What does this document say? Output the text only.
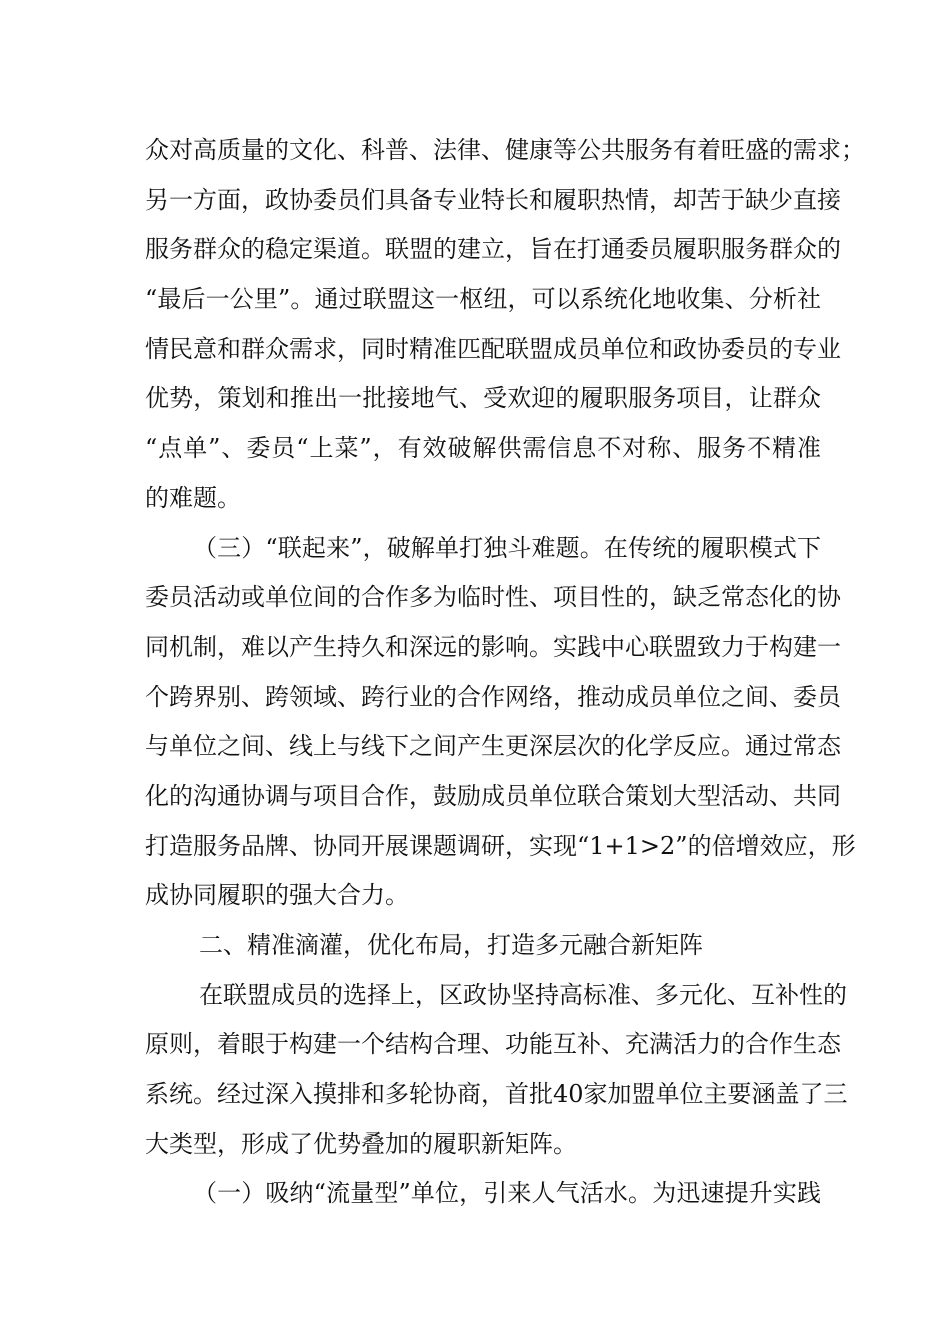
众对高质量的文化、科普、法律、健康等公共服务有着旺盛的需求；
另一方面，政协委员们具备专业特长和履职热情，却苦于缺少直接
服务群众的稳定渠道。联盟的建立，旨在打通委员履职服务群众的
“最后一公里”。通过联盟这一枢纽，可以系统化地收集、分析社
情民意和群众需求，同时精准匹配联盟成员单位和政协委员的专业
优势，策划和推出一批接地气、受欢迎的履职服务项目，让群众
“点单”、委员“上菜”，有效破解供需信息不对称、服务不精准
的难题。
（三）“联起来”，破解单打独斗难题。在传统的履职模式下
委员活动或单位间的合作多为临时性、项目性的，缺乏常态化的协
同机制，难以产生持久和深远的影响。实践中心联盟致力于构建一
个跨界别、跨领域、跨行业的合作网络，推动成员单位之间、委员
与单位之间、线上与线下之间产生更深层次的化学反应。通过常态
化的沟通协调与项目合作，鼓励成员单位联合策划大型活动、共同
打造服务品牌、协同开展课题调研，实现“1+1>2”的倍增效应，形
成协同履职的强大合力。
二、精准滴灌，优化布局，打造多元融合新矩阵
在联盟成员的选择上，区政协坚持高标准、多元化、互补性的
原则，着眼于构建一个结构合理、功能互补、充满活力的合作生态
系统。经过深入摸排和多轮协商，首批40家加盟单位主要涵盖了三
大类型，形成了优势叠加的履职新矩阵。
（一）吸纳“流量型”单位，引来人气活水。为迅速提升实践
